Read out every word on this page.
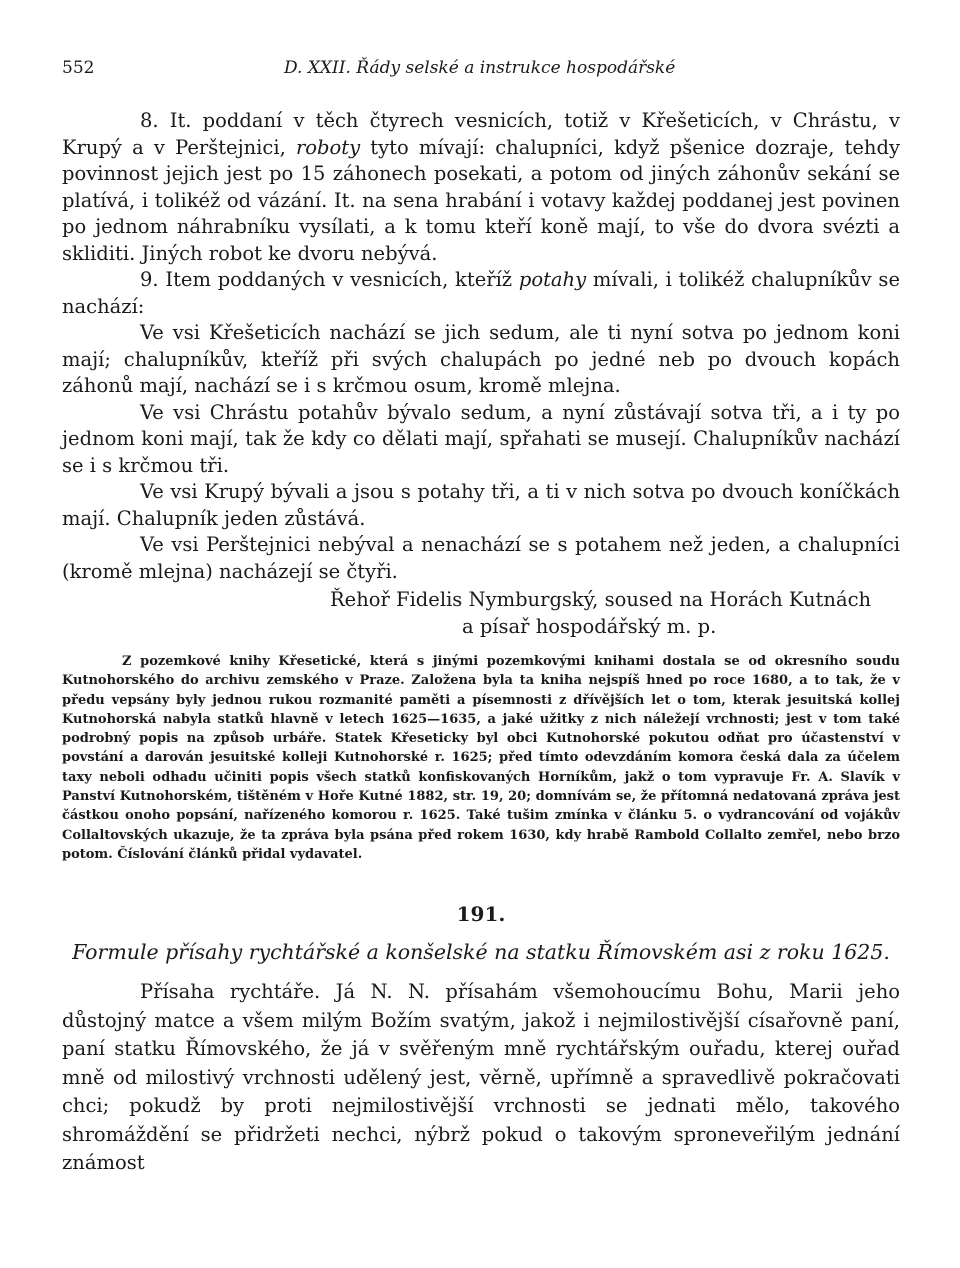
552	D. XXII. Řády selské a instrukce hospodářské

8. It. poddaní v těch čtyrech vesnicích, totiž v Křešeticích, v Chrástu, v Krupý a v Perštejnici, roboty tyto mívají: chalupníci, když pšenice dozraje, tehdy povinnost jejich jest po 15 záhonech posekati, a potom od jiných záhonův sekání se platívá, i tolikéž od vázání. It. na sena hrabání i votavy každej poddanej jest povinen po jednom náhrabníku vysílati, a k tomu kteří koně mají, to vše do dvora svézti a skliditi. Jiných robot ke dvoru nebývá.

9. Item poddaných v vesnicích, kteříž potahy mívali, i tolikéž chalupníkův se nachází:

Ve vsi Křešeticích nachází se jich sedum, ale ti nyní sotva po jednom koni mají; chalupníkův, kteříž při svých chalupách po jedné neb po dvouch kopách záhonů mají, nachází se i s krčmou osum, kromě mlejna.

Ve vsi Chrástu potahův bývalo sedum, a nyní zůstávají sotva tři, a i ty po jednom koni mají, tak že kdy co dělati mají, spřahati se musejí. Chalupníkův nachází se i s krčmou tři.

Ve vsi Krupý bývali a jsou s potahy tři, a ti v nich sotva po dvouch koníčkách mají. Chalupník jeden zůstává.

Ve vsi Perštejnici nebýval a nenachází se s potahem než jeden, a chalupníci (kromě mlejna) nacházejí se čtyři.

Řehoř Fidelis Nymburgský, soused na Horách Kutnách
a písař hospodářský m. p.

Z pozemkové knihy Křesetické, která s jinými pozemkovými knihami dostala se od okresního soudu Kutnohorského do archivu zemského v Praze. Založena byla ta kniha nejspíš hned po roce 1680, a to tak, že v předu vepsány byly jednou rukou rozmanité paměti a písemnosti z dřívějších let o tom, kterak jesuitská kollej Kutnohorská nabyla statků hlavně v letech 1625—1635, a jaké užitky z nich náležejí vrchnosti; jest v tom také podrobný popis na způsob urbáře. Statek Křeseticky byl obci Kutnohorské pokutou odňat pro účastenství v povstání a darován jesuitské kolleji Kutnohorské r. 1625; před tímto odevzdáním komora česká dala za účelem taxy neboli odhadu učiniti popis všech statků konfiskovaných Horníkům, jakž o tom vypravuje Fr. A. Slavík v Panství Kutnohorském, tištěném v Hoře Kutné 1882, str. 19, 20; domnívám se, že přítomná nedatovaná zpráva jest částkou onoho popsání, nařízeného komorou r. 1625. Také tušim zmínka v článku 5. o vydrancování od vojákův Collaltovských ukazuje, že ta zpráva byla psána před rokem 1630, kdy hrabě Rambold Collalto zemřel, nebo brzo potom. Číslování článků přidal vydavatel.

191.
Formule přísahy rychtářské a konšelské na statku Římovském asi z roku 1625.

Přísaha rychtáře. Já N. N. přísahám všemohoucímu Bohu, Marii jeho důstojný matce a všem milým Božím svatým, jakož i nejmilostivější císařovně paní, paní statku Římovského, že já v svěřeným mně rychtářským ouřadu, kterej ouřad mně od milostivý vrchnosti udělený jest, věrně, upřímně a spravedlivě pokračovati chci; pokudž by proti nejmilostivější vrchnosti se jednati mělo, takového shromáždění se přidržeti nechci, nýbrž pokud o takovým sproneveřilým jednání známost
